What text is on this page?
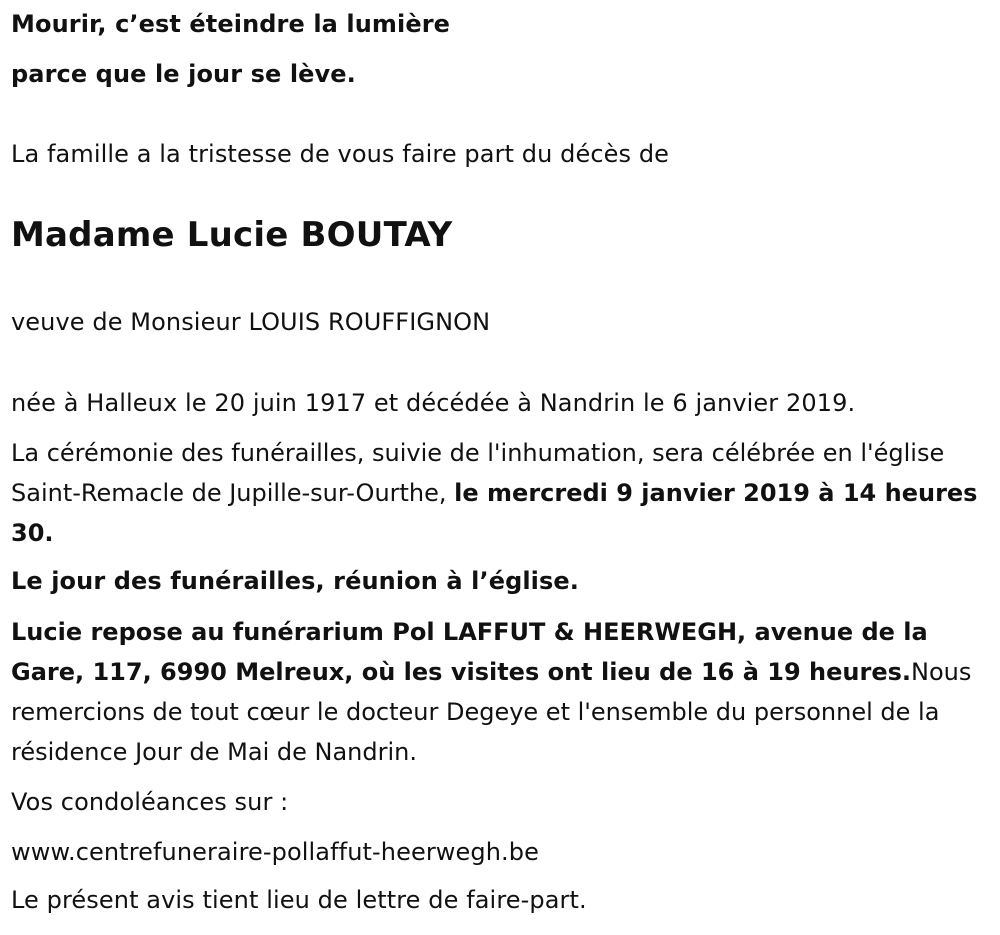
Mourir, c’est éteindre la lumière
parce que le jour se lève.
La famille a la tristesse de vous faire part du décès de
Madame Lucie BOUTAY
veuve de Monsieur LOUIS ROUFFIGNON
née à Halleux le 20 juin 1917 et décédée à Nandrin le 6 janvier 2019.
La cérémonie des funérailles, suivie de l'inhumation, sera célébrée en l'église Saint-Remacle de Jupille-sur-Ourthe, le mercredi 9 janvier 2019 à 14 heures 30.
Le jour des funérailles, réunion à l’église.
Lucie repose au funérarium Pol LAFFUT & HEERWEGH, avenue de la Gare, 117, 6990 Melreux, où les visites ont lieu de 16 à 19 heures.Nous remercions de tout cœur le docteur Degeye et l'ensemble du personnel de la résidence Jour de Mai de Nandrin.
Vos condoléances sur :
www.centrefuneraire-pollaffut-heerwegh.be
Le présent avis tient lieu de lettre de faire-part.
